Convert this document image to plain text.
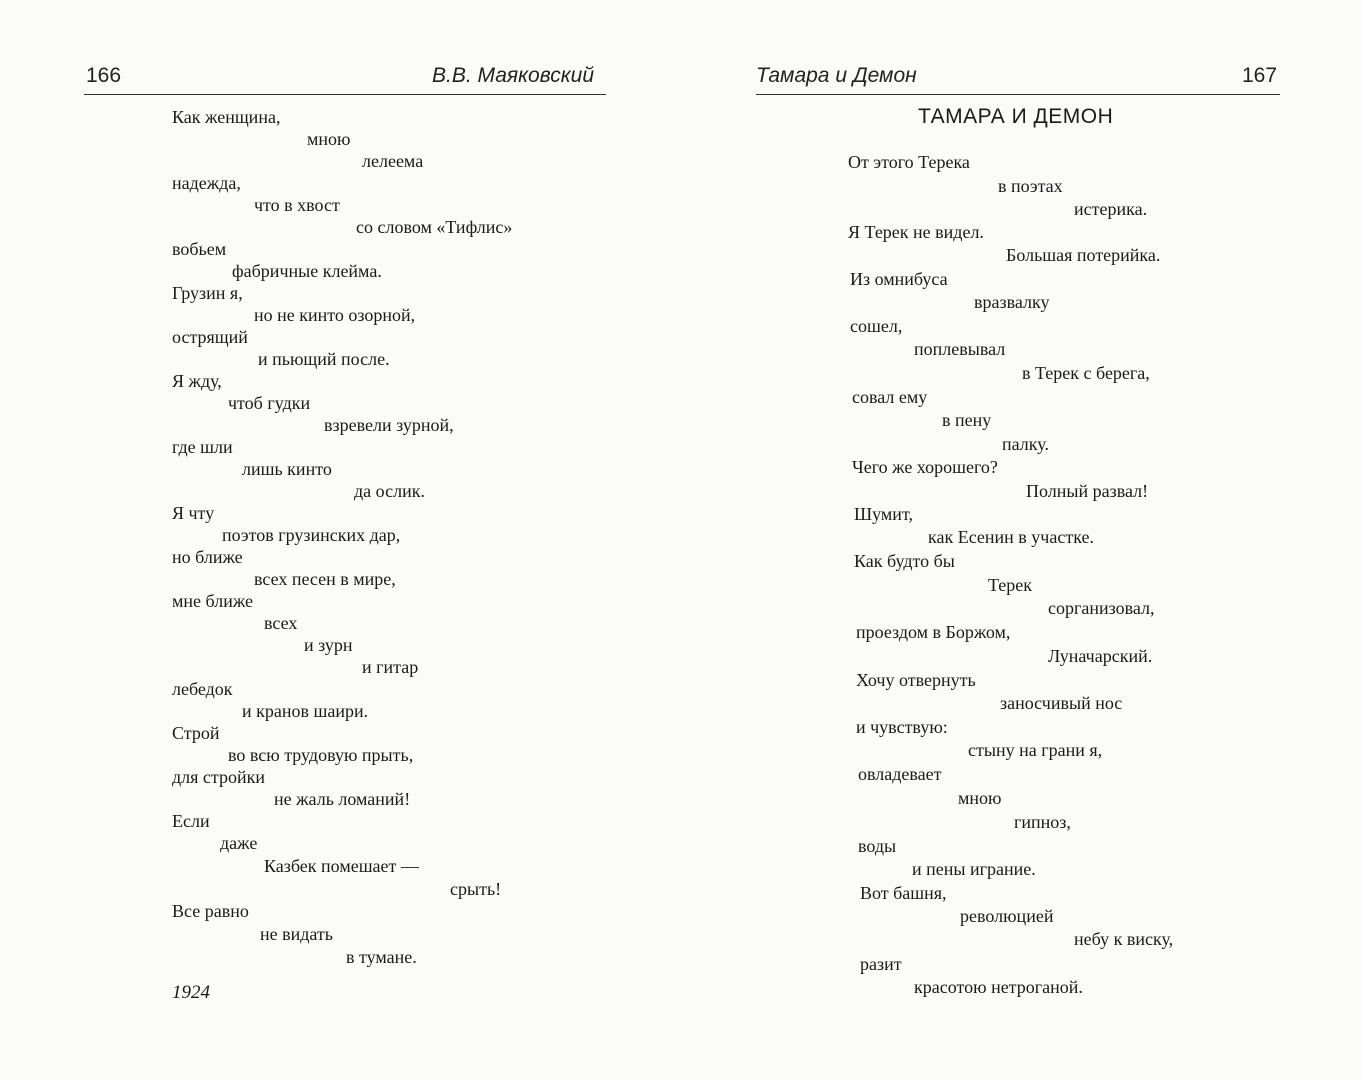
166	В.В. Маяковский
Как женщина,
мною
лелеема
надежда,
что в хвост
со словом «Тифлис»
вобьем
фабричные клейма.
Грузин я,
но не кинто озорной,
острящий
и пьющий после.
Я жду,
чтоб гудки
взревели зурной,
где шли
лишь кинто
да ослик.
Я чту
поэтов грузинских дар,
но ближе
всех песен в мире,
мне ближе
всех
и зурн
и гитар
лебедок
и кранов шаири.
Строй
во всю трудовую прыть,
для стройки
не жаль ломаний!
Если
даже
Казбек помешает —
срыть!
Все равно
не видать
в тумане.
1924
Тамара и Демон	167
ТАМАРА И ДЕМОН
От этого Терека
в поэтах
истерика.
Я Терек не видел.
Большая потерийка.
Из омнибуса
вразвалку
сошел,
поплевывал
в Терек с берега,
совал ему
в пену
палку.
Чего же хорошего?
Полный развал!
Шумит,
как Есенин в участке.
Как будто бы
Терек
сорганизовал,
проездом в Боржом,
Луначарский.
Хочу отвернуть
заносчивый нос
и чувствую:
стыну на грани я,
овладевает
мною
гипноз,
воды
и пены играние.
Вот башня,
революцией
небу к виску,
разит
красотою нетроганой.
